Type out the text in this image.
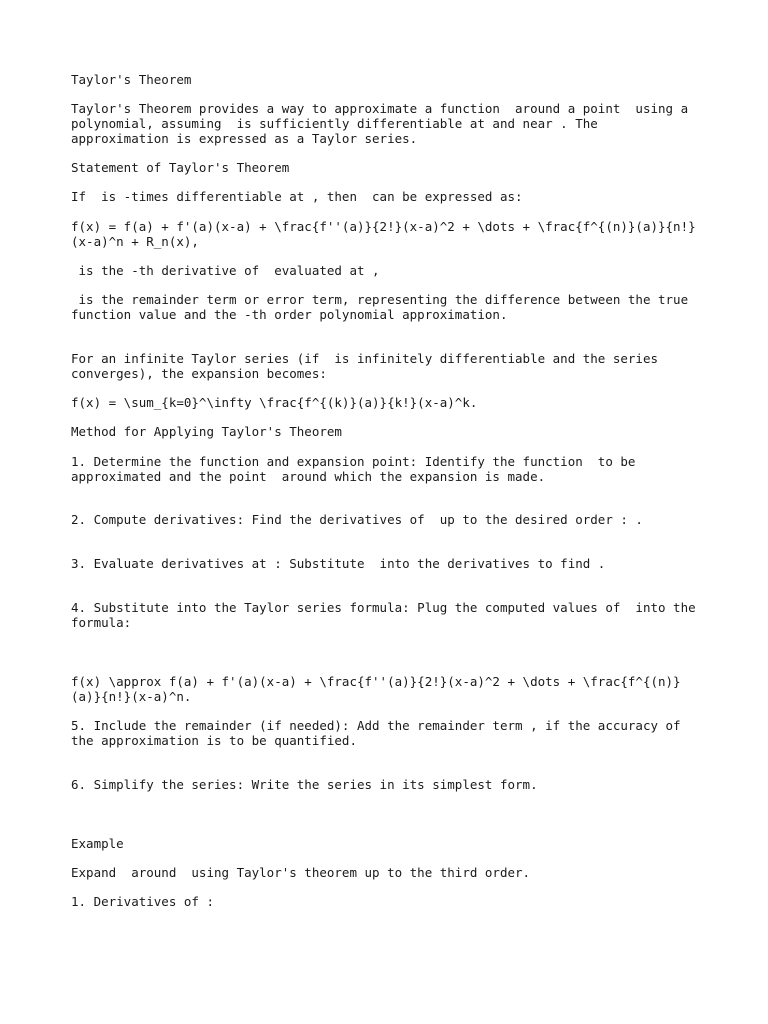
Taylor's Theorem

Taylor's Theorem provides a way to approximate a function  around a point  using a
polynomial, assuming  is sufficiently differentiable at and near . The
approximation is expressed as a Taylor series.

Statement of Taylor's Theorem

If  is -times differentiable at , then  can be expressed as:

f(x) = f(a) + f'(a)(x-a) + \frac{f''(a)}{2!}(x-a)^2 + \dots + \frac{f^{(n)}(a)}{n!}
(x-a)^n + R_n(x),

is the -th derivative of  evaluated at ,

is the remainder term or error term, representing the difference between the true
function value and the -th order polynomial approximation.

For an infinite Taylor series (if  is infinitely differentiable and the series
converges), the expansion becomes:

f(x) = \sum_{k=0}^\infty \frac{f^{(k)}(a)}{k!}(x-a)^k.

Method for Applying Taylor's Theorem

1. Determine the function and expansion point: Identify the function  to be
approximated and the point  around which the expansion is made.

2. Compute derivatives: Find the derivatives of  up to the desired order : .

3. Evaluate derivatives at : Substitute  into the derivatives to find .

4. Substitute into the Taylor series formula: Plug the computed values of  into the
formula:

f(x) \approx f(a) + f'(a)(x-a) + \frac{f''(a)}{2!}(x-a)^2 + \dots + \frac{f^{(n)}
(a)}{n!}(x-a)^n.

5. Include the remainder (if needed): Add the remainder term , if the accuracy of
the approximation is to be quantified.

6. Simplify the series: Write the series in its simplest form.

Example

Expand  around  using Taylor's theorem up to the third order.

1. Derivatives of :
